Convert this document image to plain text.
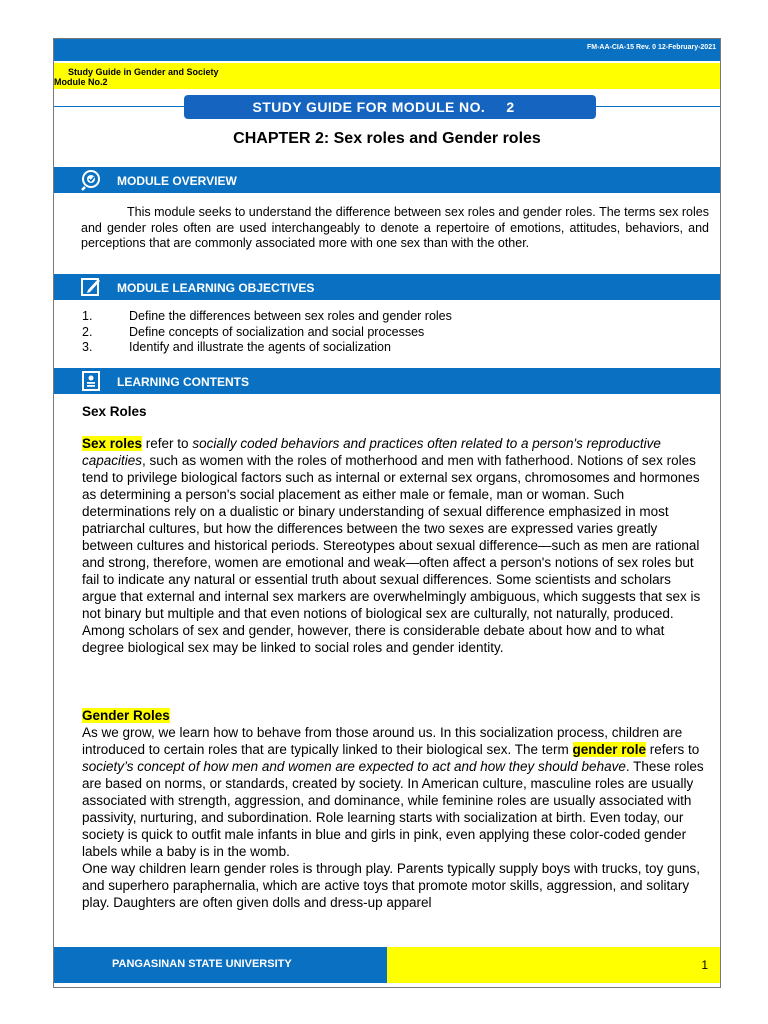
FM-AA-CIA-15 Rev. 0 12-February-2021
Study Guide in Gender and Society
Module No.2
STUDY GUIDE FOR MODULE NO. 2
CHAPTER 2: Sex roles and Gender roles
MODULE OVERVIEW
This module seeks to understand the difference between sex roles and gender roles. The terms sex roles and gender roles often are used interchangeably to denote a repertoire of emotions, attitudes, behaviors, and perceptions that are commonly associated more with one sex than with the other.
MODULE LEARNING OBJECTIVES
1.	Define the differences between sex roles and gender roles
2.	Define concepts of socialization and social processes
3.	Identify and illustrate the agents of socialization
LEARNING CONTENTS
Sex Roles
Sex roles refer to socially coded behaviors and practices often related to a person's reproductive capacities, such as women with the roles of motherhood and men with fatherhood. Notions of sex roles tend to privilege biological factors such as internal or external sex organs, chromosomes and hormones as determining a person's social placement as either male or female, man or woman. Such determinations rely on a dualistic or binary understanding of sexual difference emphasized in most patriarchal cultures, but how the differences between the two sexes are expressed varies greatly between cultures and historical periods. Stereotypes about sexual difference—such as men are rational and strong, therefore, women are emotional and weak—often affect a person's notions of sex roles but fail to indicate any natural or essential truth about sexual differences. Some scientists and scholars argue that external and internal sex markers are overwhelmingly ambiguous, which suggests that sex is not binary but multiple and that even notions of biological sex are culturally, not naturally, produced. Among scholars of sex and gender, however, there is considerable debate about how and to what degree biological sex may be linked to social roles and gender identity.
Gender Roles
As we grow, we learn how to behave from those around us. In this socialization process, children are introduced to certain roles that are typically linked to their biological sex. The term gender role refers to society’s concept of how men and women are expected to act and how they should behave. These roles are based on norms, or standards, created by society. In American culture, masculine roles are usually associated with strength, aggression, and dominance, while feminine roles are usually associated with passivity, nurturing, and subordination. Role learning starts with socialization at birth. Even today, our society is quick to outfit male infants in blue and girls in pink, even applying these color-coded gender labels while a baby is in the womb.
One way children learn gender roles is through play. Parents typically supply boys with trucks, toy guns, and superhero paraphernalia, which are active toys that promote motor skills, aggression, and solitary play. Daughters are often given dolls and dress-up apparel
PANGASINAN STATE UNIVERSITY	1
